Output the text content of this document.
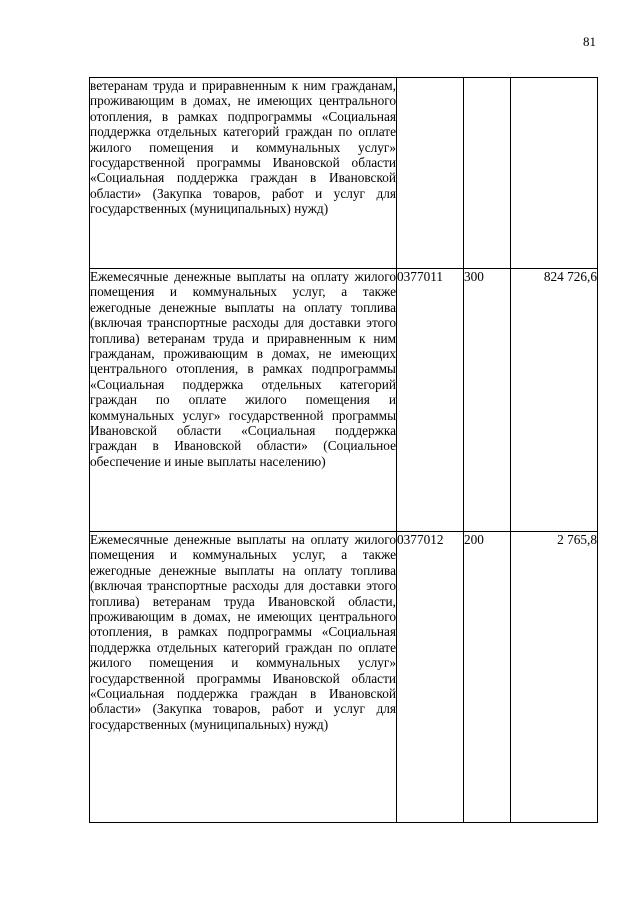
81
ветеранам труда и приравненным к ним гражданам, проживающим в домах, не имеющих центрального отопления, в рамках подпрограммы «Социальная поддержка отдельных категорий граждан по оплате жилого помещения и коммунальных услуг» государственной программы Ивановской области «Социальная поддержка граждан в Ивановской области» (Закупка товаров, работ и услуг для государственных (муниципальных) нужд)			
Ежемесячные денежные выплаты на оплату жилого помещения и коммунальных услуг, а также ежегодные денежные выплаты на оплату топлива (включая транспортные расходы для доставки этого топлива) ветеранам труда и приравненным к ним гражданам, проживающим в домах, не имеющих центрального отопления, в рамках подпрограммы «Социальная поддержка отдельных категорий граждан по оплате жилого помещения и коммунальных услуг» государственной программы Ивановской области «Социальная поддержка граждан в Ивановской области» (Социальное обеспечение и иные выплаты населению)	0377011	300	824 726,6
Ежемесячные денежные выплаты на оплату жилого помещения и коммунальных услуг, а также ежегодные денежные выплаты на оплату топлива (включая транспортные расходы для доставки этого топлива) ветеранам труда Ивановской области, проживающим в домах, не имеющих центрального отопления, в рамках подпрограммы «Социальная поддержка отдельных категорий граждан по оплате жилого помещения и коммунальных услуг» государственной программы Ивановской области «Социальная поддержка граждан в Ивановской области» (Закупка товаров, работ и услуг для государственных (муниципальных) нужд)	0377012	200	2 765,8
